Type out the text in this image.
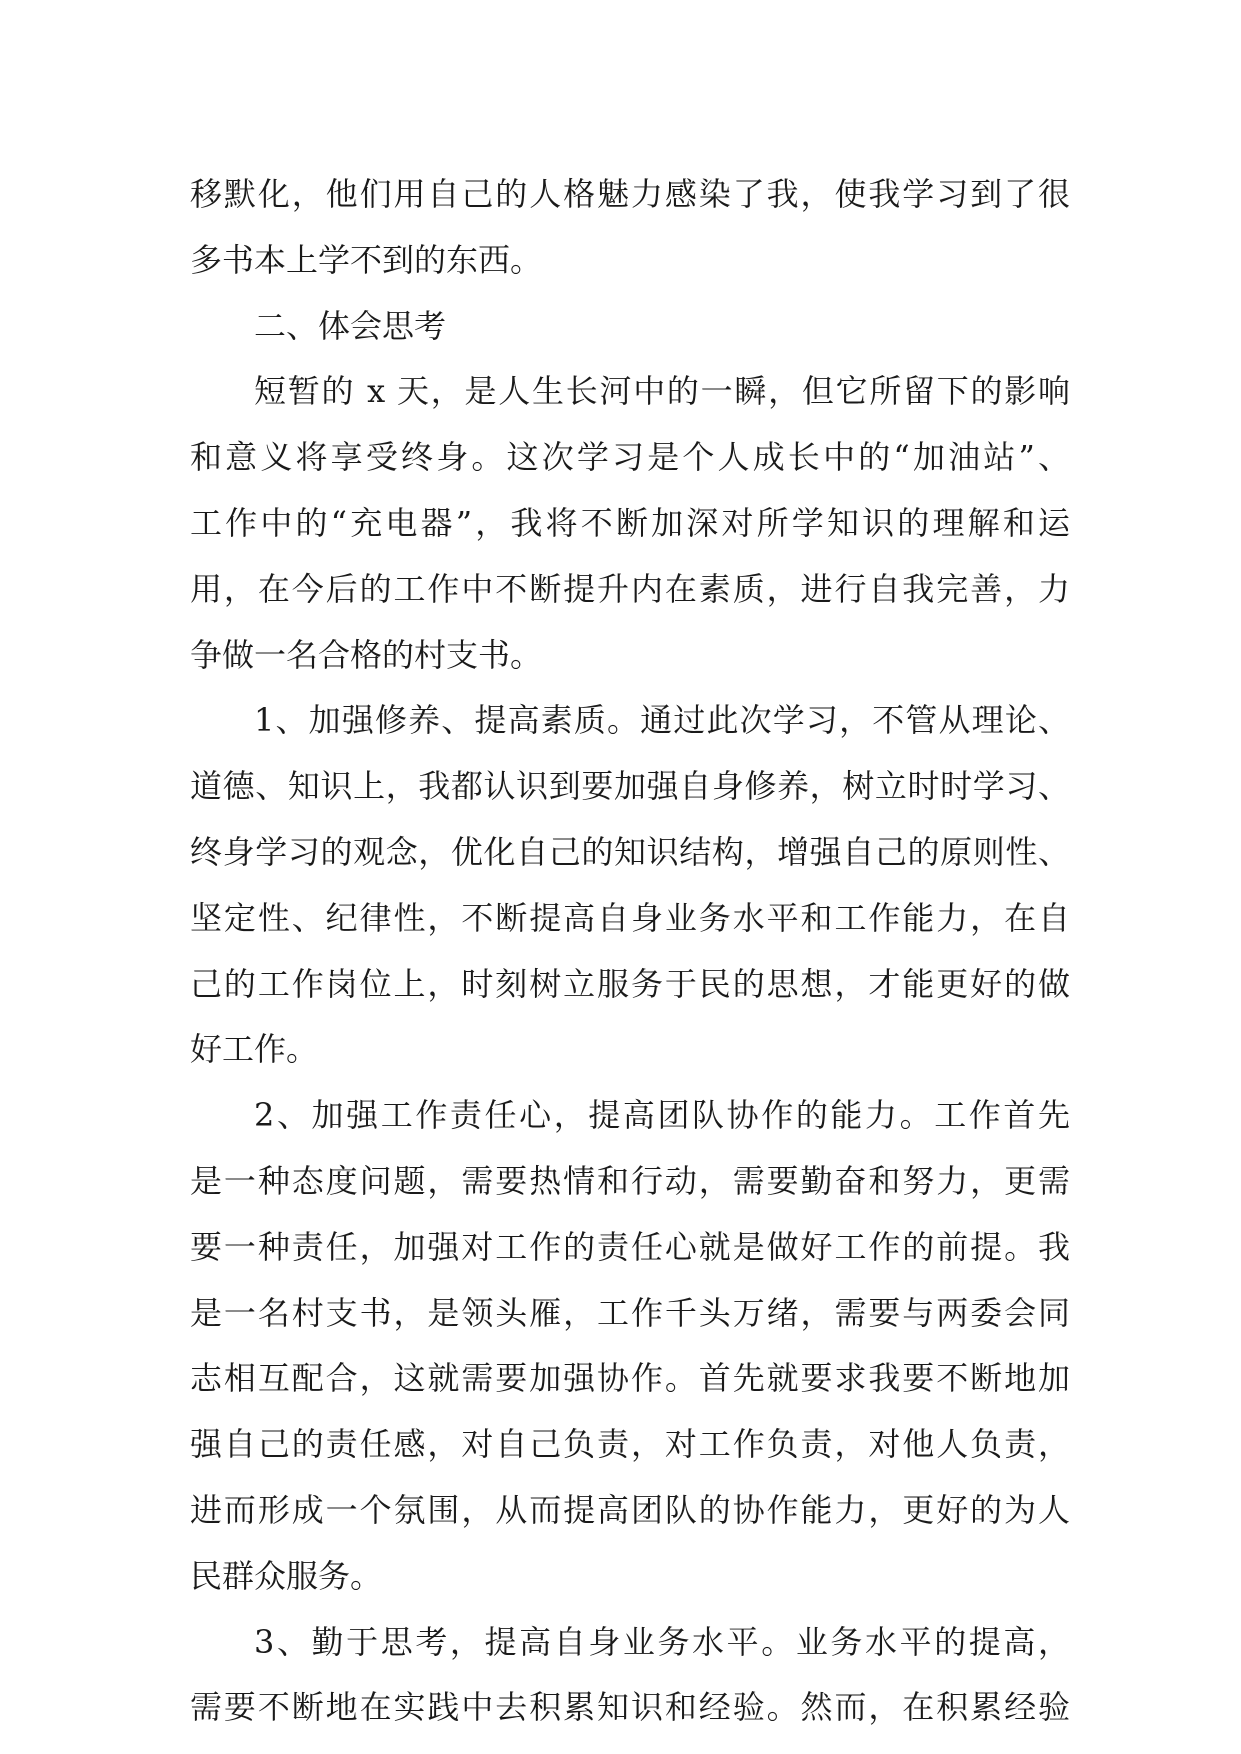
移默化，他们用自己的人格魅力感染了我，使我学习到了很
多书本上学不到的东西。
二、体会思考
短暂的 x 天，是人生长河中的一瞬，但它所留下的影响
和意义将享受终身。这次学习是个人成长中的“加油站”、
工作中的“充电器”，我将不断加深对所学知识的理解和运
用，在今后的工作中不断提升内在素质，进行自我完善，力
争做一名合格的村支书。
1、加强修养、提高素质。通过此次学习，不管从理论、
道德、知识上，我都认识到要加强自身修养，树立时时学习、
终身学习的观念，优化自己的知识结构，增强自己的原则性、
坚定性、纪律性，不断提高自身业务水平和工作能力，在自
己的工作岗位上，时刻树立服务于民的思想，才能更好的做
好工作。
2、加强工作责任心，提高团队协作的能力。工作首先
是一种态度问题，需要热情和行动，需要勤奋和努力，更需
要一种责任，加强对工作的责任心就是做好工作的前提。我
是一名村支书，是领头雁，工作千头万绪，需要与两委会同
志相互配合，这就需要加强协作。首先就要求我要不断地加
强自己的责任感，对自己负责，对工作负责，对他人负责，
进而形成一个氛围，从而提高团队的协作能力，更好的为人
民群众服务。
3、勤于思考，提高自身业务水平。业务水平的提高，
需要不断地在实践中去积累知识和经验。然而，在积累经验
